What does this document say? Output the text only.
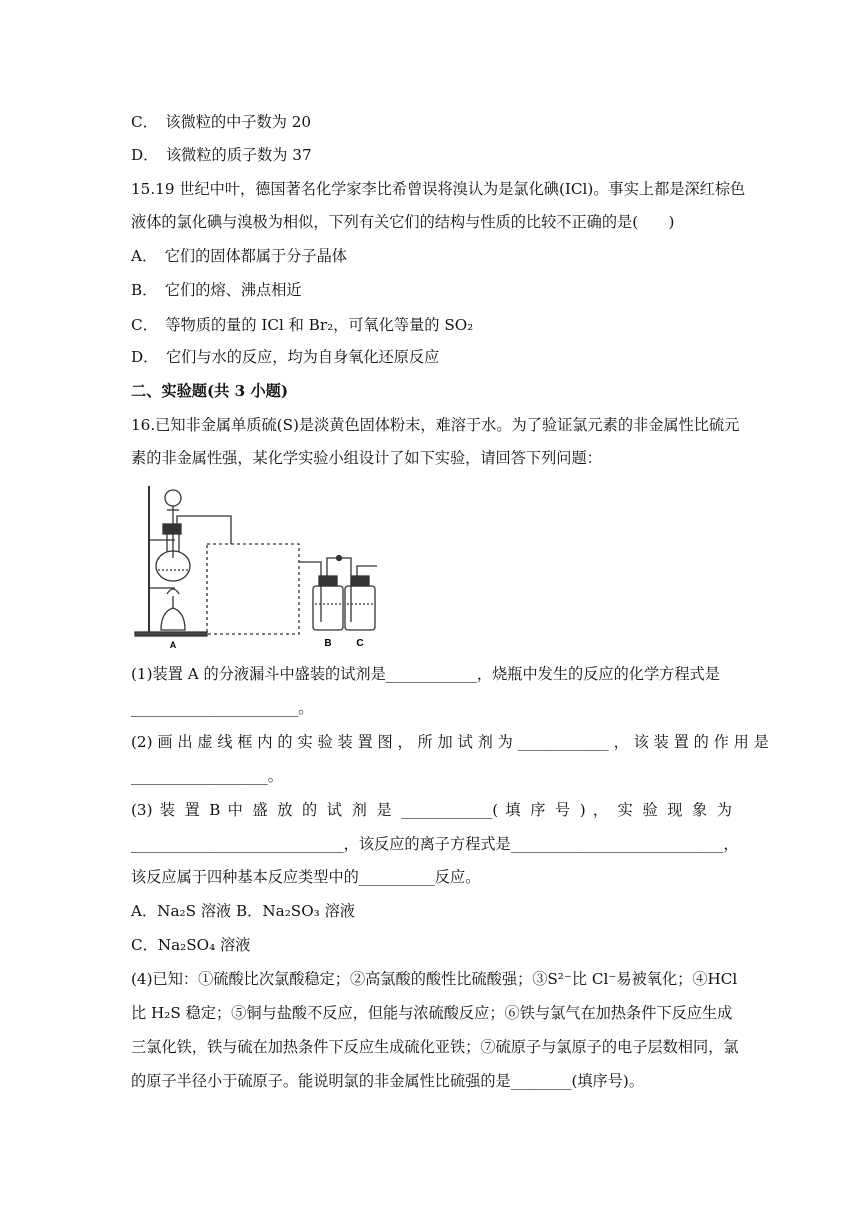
C．　该微粒的中子数为 20
D．　该微粒的质子数为 37
15.19 世纪中叶，德国著名化学家李比希曾误将溴认为是氯化碘(ICl)。事实上都是深红棕色
液体的氯化碘与溴极为相似，下列有关它们的结构与性质的比较不正确的是(　　)
A．　它们的固体都属于分子晶体
B．　它们的熔、沸点相近
C．　等物质的量的 ICl 和 Br₂，可氧化等量的 SO₂
D．　它们与水的反应，均为自身氧化还原反应
二、实验题(共 3 小题)
16.已知非金属单质硫(S)是淡黄色固体粉末，难溶于水。为了验证氯元素的非金属性比硫元
素的非金属性强，某化学实验小组设计了如下实验，请回答下列问题：
A	B C
(1)装置 A 的分液漏斗中盛装的试剂是____________，烧瓶中发生的反应的化学方程式是
______________________。
(2) 画 出 虚 线 框 内 的 实 验 装 置 图 ， 所 加 试 剂 为 ____________ ， 该 装 置 的 作 用 是
__________________。
(3) 装 置 B 中 盛 放 的 试 剂 是 ____________( 填 序 号 ) ， 实 验 现 象 为
____________________________，该反应的离子方程式是____________________________，
该反应属于四种基本反应类型中的__________反应。
A．Na₂S 溶液 B．Na₂SO₃ 溶液
C．Na₂SO₄ 溶液
(4)已知：①硫酸比次氯酸稳定；②高氯酸的酸性比硫酸强；③S²⁻比 Cl⁻易被氧化；④HCl
比 H₂S 稳定；⑤铜与盐酸不反应，但能与浓硫酸反应；⑥铁与氯气在加热条件下反应生成
三氯化铁，铁与硫在加热条件下反应生成硫化亚铁；⑦硫原子与氯原子的电子层数相同，氯
的原子半径小于硫原子。能说明氯的非金属性比硫强的是________(填序号)。
